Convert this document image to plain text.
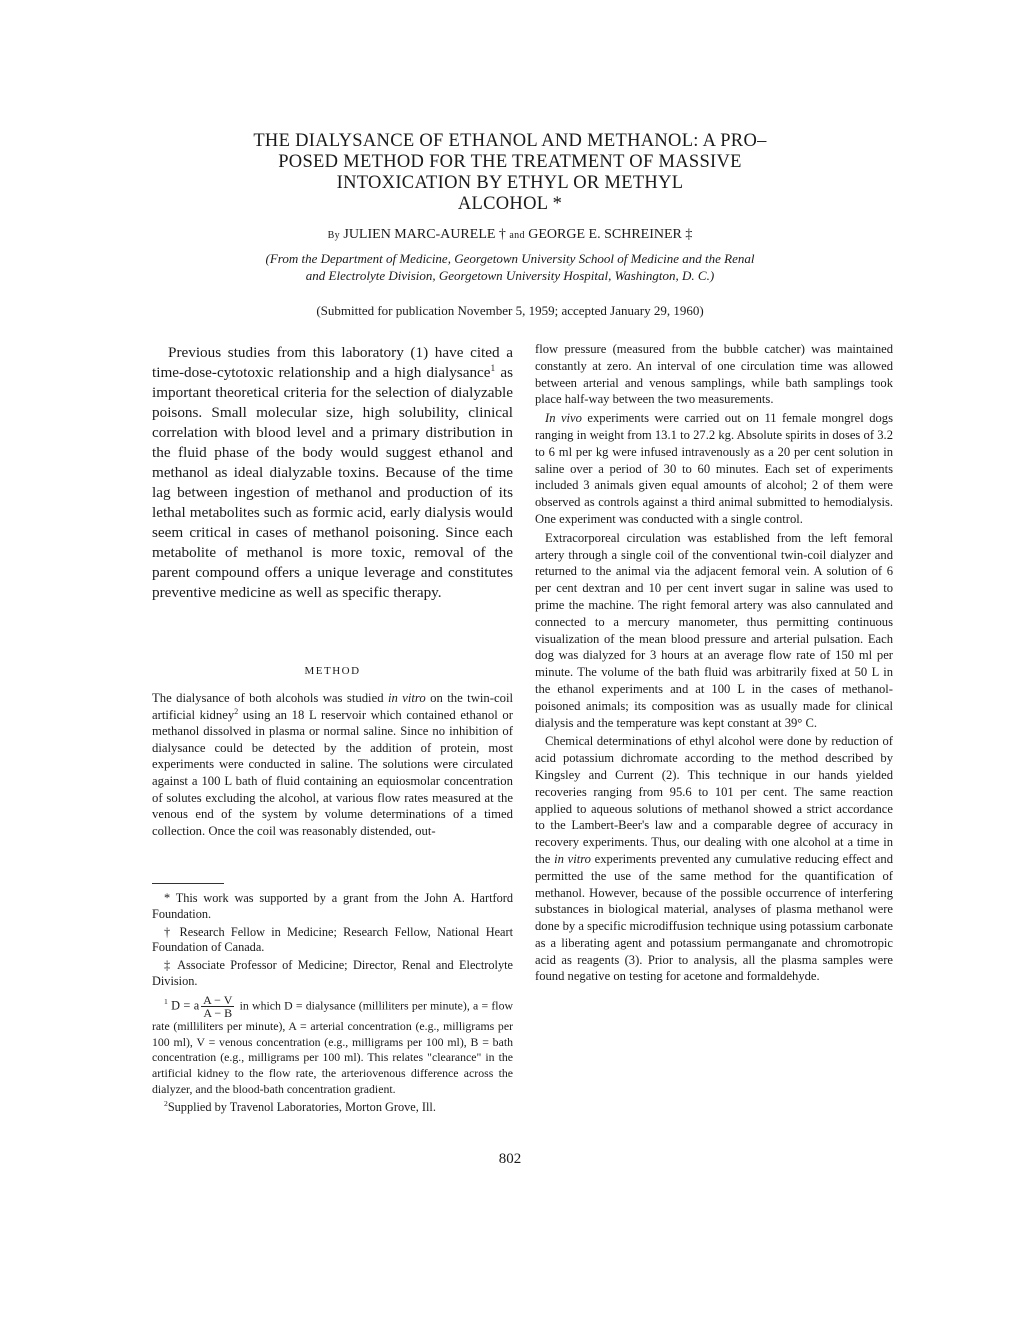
THE DIALYSANCE OF ETHANOL AND METHANOL: A PRO–
POSED METHOD FOR THE TREATMENT OF MASSIVE
INTOXICATION BY ETHYL OR METHYL
ALCOHOL *
By JULIEN MARC-AURELE † and GEORGE E. SCHREINER ‡
(From the Department of Medicine, Georgetown University School of Medicine and the Renal
and Electrolyte Division, Georgetown University Hospital, Washington, D. C.)
(Submitted for publication November 5, 1959; accepted January 29, 1960)

Previous studies from this laboratory (1) have cited a time-dose-cytotoxic relationship and a high dialysance$^1$ as important theoretical criteria for the selection of dialyzable poisons. Small molecular size, high solubility, clinical correlation with blood level and a primary distribution in the fluid phase of the body would suggest ethanol and methanol as ideal dialyzable toxins. Because of the time lag between ingestion of methanol and production of its lethal metabolites such as formic acid, early dialysis would seem critical in cases of methanol poisoning. Since each metabolite of methanol is more toxic, removal of the parent compound offers a unique leverage and constitutes preventive medicine as well as specific therapy.

METHOD

The dialysance of both alcohols was studied in vitro on the twin-coil artificial kidney$^2$ using an 18 L reservoir which contained ethanol or methanol dissolved in plasma or normal saline. Since no inhibition of dialysance could be detected by the addition of protein, most experiments were conducted in saline. The solutions were circulated against a 100 L bath of fluid containing an equiosmolar concentration of solutes excluding the alcohol, at various flow rates measured at the venous end of the system by volume determinations of a timed collection. Once the coil was reasonably distended, out-

* This work was supported by a grant from the John A. Hartford Foundation.

† Research Fellow in Medicine; Research Fellow, National Heart Foundation of Canada.

‡ Associate Professor of Medicine; Director, Renal and Electrolyte Division.

$^1$ D = a $\frac{A - V}{A - B}$ in which D = dialysance (milliliters per minute), a = flow rate (milliliters per minute), A = arterial concentration (e.g., milligrams per 100 ml), V = venous concentration (e.g., milligrams per 100 ml), B = bath concentration (e.g., milligrams per 100 ml). This relates "clearance" in the artificial kidney to the flow rate, the arteriovenous difference across the dialyzer, and the blood-bath concentration gradient.

$^2$Supplied by Travenol Laboratories, Morton Grove, Ill.

flow pressure (measured from the bubble catcher) was maintained constantly at zero. An interval of one circulation time was allowed between arterial and venous samplings, while bath samplings took place half-way between the two measurements.

In vivo experiments were carried out on 11 female mongrel dogs ranging in weight from 13.1 to 27.2 kg. Absolute spirits in doses of 3.2 to 6 ml per kg were infused intravenously as a 20 per cent solution in saline over a period of 30 to 60 minutes. Each set of experiments included 3 animals given equal amounts of alcohol; 2 of them were observed as controls against a third animal submitted to hemodialysis. One experiment was conducted with a single control.

Extracorporeal circulation was established from the left femoral artery through a single coil of the conventional twin-coil dialyzer and returned to the animal via the adjacent femoral vein. A solution of 6 per cent dextran and 10 per cent invert sugar in saline was used to prime the machine. The right femoral artery was also cannulated and connected to a mercury manometer, thus permitting continuous visualization of the mean blood pressure and arterial pulsation. Each dog was dialyzed for 3 hours at an average flow rate of 150 ml per minute. The volume of the bath fluid was arbitrarily fixed at 50 L in the ethanol experiments and at 100 L in the cases of methanol-poisoned animals; its composition was as usually made for clinical dialysis and the temperature was kept constant at 39° C.

Chemical determinations of ethyl alcohol were done by reduction of acid potassium dichromate according to the method described by Kingsley and Current (2). This technique in our hands yielded recoveries ranging from 95.6 to 101 per cent. The same reaction applied to aqueous solutions of methanol showed a strict accordance to the Lambert-Beer's law and a comparable degree of accuracy in recovery experiments. Thus, our dealing with one alcohol at a time in the in vitro experiments prevented any cumulative reducing effect and permitted the use of the same method for the quantification of methanol. However, because of the possible occurrence of interfering substances in biological material, analyses of plasma methanol were done by a specific microdiffusion technique using potassium carbonate as a liberating agent and potassium permanganate and chromotropic acid as reagents (3). Prior to analysis, all the plasma samples were found negative on testing for acetone and formaldehyde.

802
